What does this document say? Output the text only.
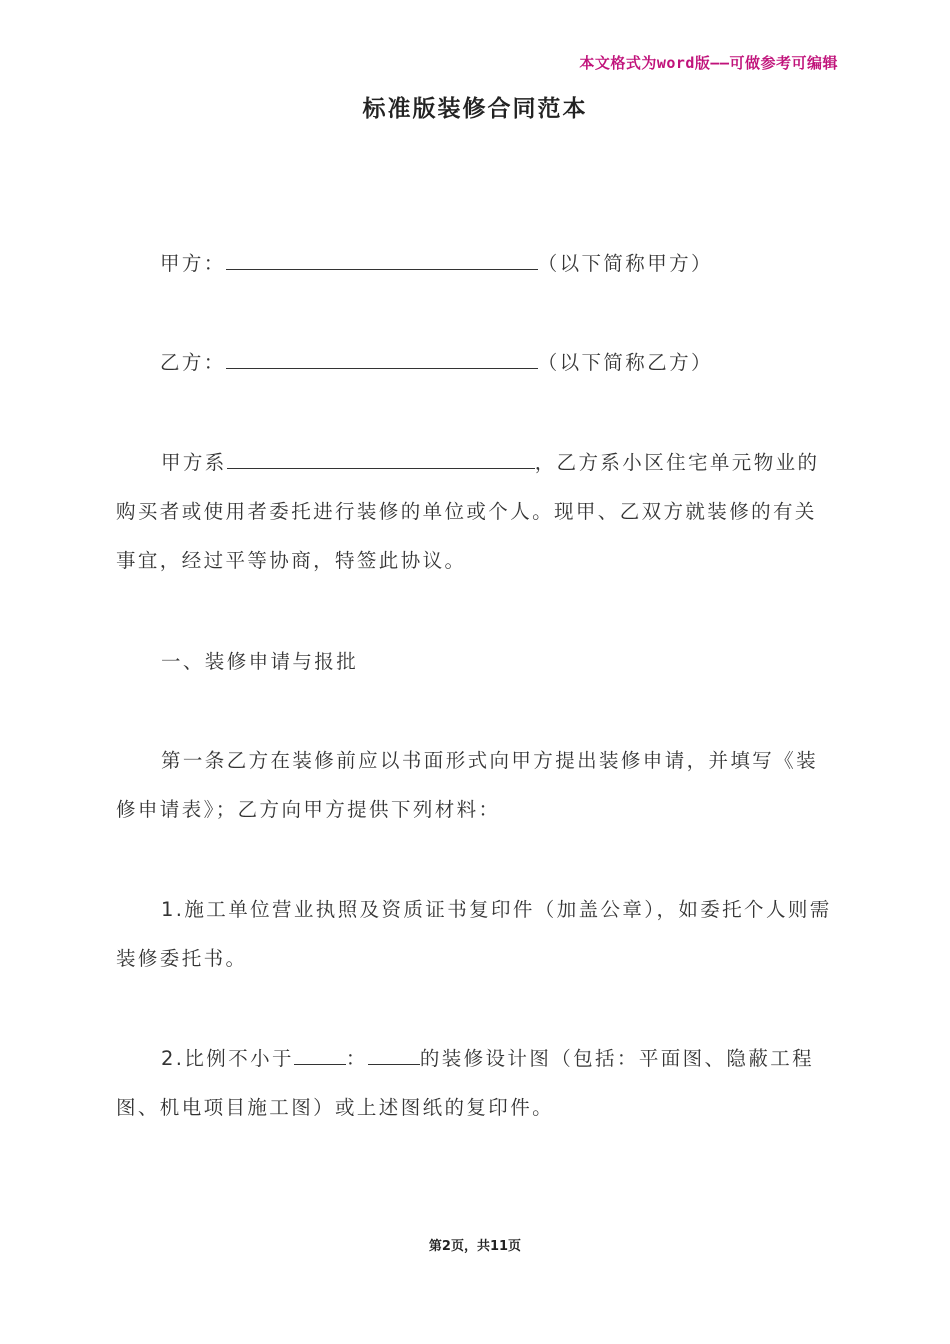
本文格式为word版——可做参考可编辑
标准版装修合同范本
甲方：	（以下简称甲方）
乙方：	（以下简称乙方）
甲方系	，乙方系小区住宅单元物业的购买者或使用者委托进行装修的单位或个人。现甲、乙双方就装修的有关事宜，经过平等协商，特签此协议。
一、装修申请与报批
第一条乙方在装修前应以书面形式向甲方提出装修申请，并填写《装修申请表》；乙方向甲方提供下列材料：
1.施工单位营业执照及资质证书复印件（加盖公章），如委托个人则需装修委托书。
2.比例不小于	：	的装修设计图（包括：平面图、隐蔽工程图、机电项目施工图）或上述图纸的复印件。
第2页，共11页
